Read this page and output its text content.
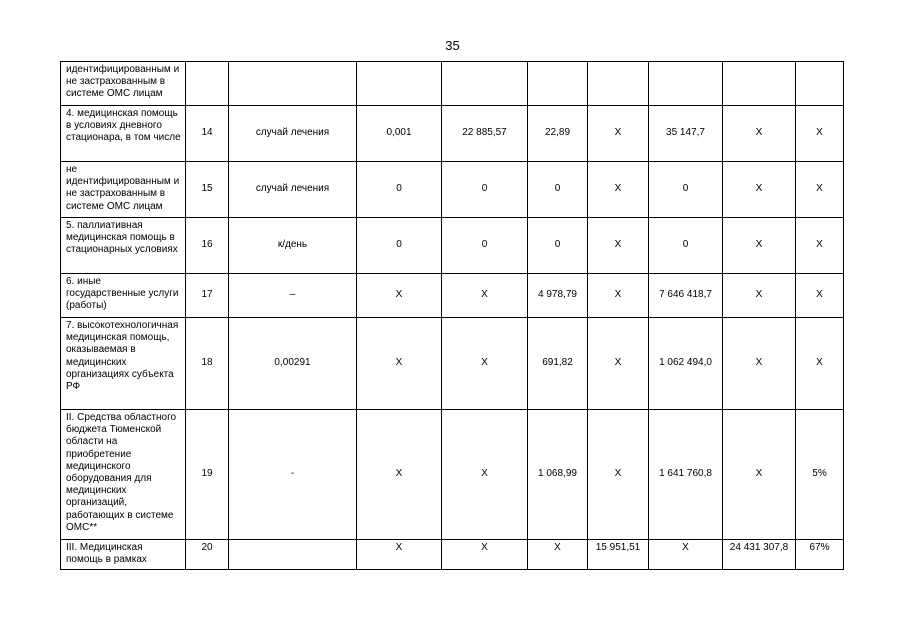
35
идентифицированным и не застрахованным в системе ОМС лицам									
4. медицинская помощь в условиях дневного стационара, в том числе	14	случай лечения	0,001	22 885,57	22,89	X	35 147,7	X	X
не идентифицированным и не застрахованным в системе ОМС лицам	15	случай лечения	0	0	0	X	0	X	X
5. паллиативная медицинская помощь в стационарных условиях	16	к/день	0	0	0	X	0	X	X
6. иные государственные услуги (работы)	17	–	X	X	4 978,79	X	7 646 418,7	X	X
7. высокотехнологичная медицинская помощь, оказываемая в медицинских организациях субъекта РФ	18	0,00291	X	X	691,82	X	1 062 494,0	X	X
II. Средства областного бюджета Тюменской области на приобретение медицинского оборудования для медицинских организаций, работающих в системе ОМС**	19	-	X	X	1 068,99	X	1 641 760,8	X	5%
III. Медицинская помощь в рамках	20		X	X	X	15 951,51	X	24 431 307,8	67%
